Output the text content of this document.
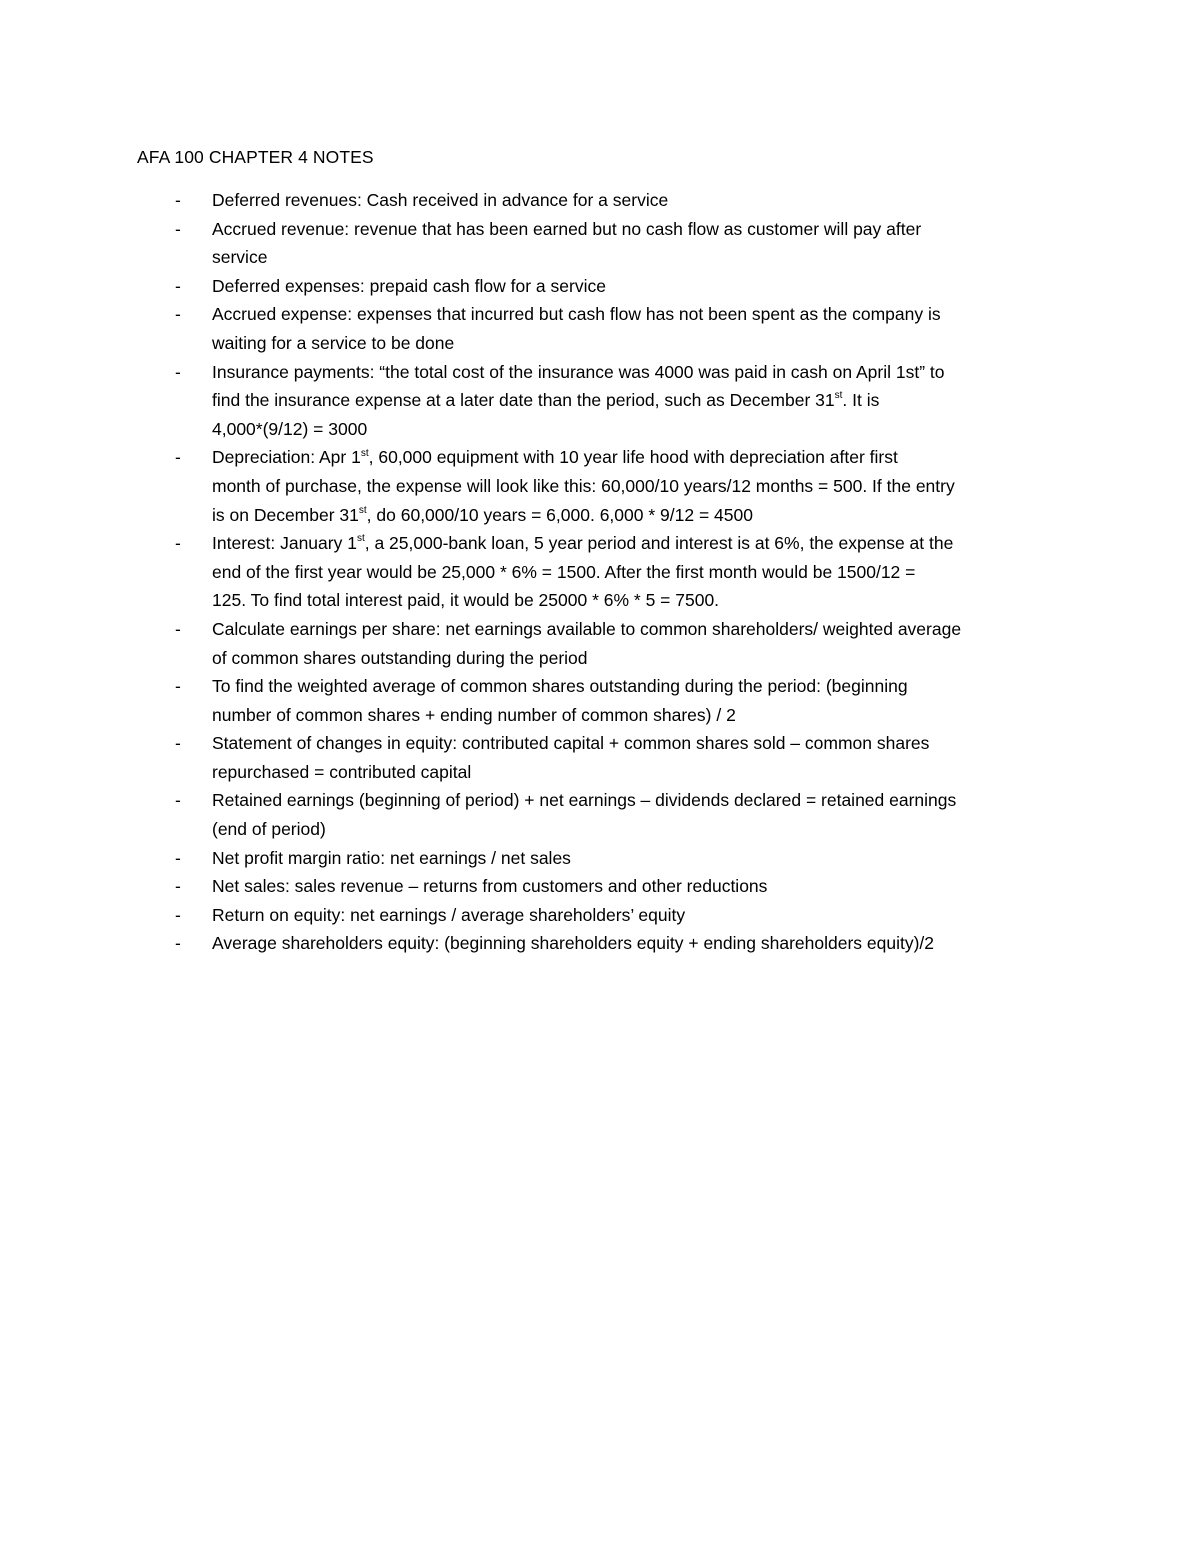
AFA 100 CHAPTER 4 NOTES
- Deferred revenues: Cash received in advance for a service
- Accrued revenue: revenue that has been earned but no cash flow as customer will pay after
service
- Deferred expenses: prepaid cash flow for a service
- Accrued expense: expenses that incurred but cash flow has not been spent as the company is
waiting for a service to be done
- Insurance payments: “the total cost of the insurance was 4000 was paid in cash on April 1st” to
find the insurance expense at a later date than the period, such as December 31st. It is
4,000*(9/12) = 3000
- Depreciation: Apr 1st, 60,000 equipment with 10 year life hood with depreciation after first
month of purchase, the expense will look like this: 60,000/10 years/12 months = 500. If the entry
is on December 31st, do 60,000/10 years = 6,000. 6,000 * 9/12 = 4500
- Interest: January 1st, a 25,000-bank loan, 5 year period and interest is at 6%, the expense at the
end of the first year would be 25,000 * 6% = 1500. After the first month would be 1500/12 =
125. To find total interest paid, it would be 25000 * 6% * 5 = 7500.
- Calculate earnings per share: net earnings available to common shareholders/ weighted average
of common shares outstanding during the period
- To find the weighted average of common shares outstanding during the period: (beginning
number of common shares + ending number of common shares) / 2
- Statement of changes in equity: contributed capital + common shares sold – common shares
repurchased = contributed capital
- Retained earnings (beginning of period) + net earnings – dividends declared = retained earnings
(end of period)
- Net profit margin ratio: net earnings / net sales
- Net sales: sales revenue – returns from customers and other reductions
- Return on equity: net earnings / average shareholders’ equity
- Average shareholders equity: (beginning shareholders equity + ending shareholders equity)/2
